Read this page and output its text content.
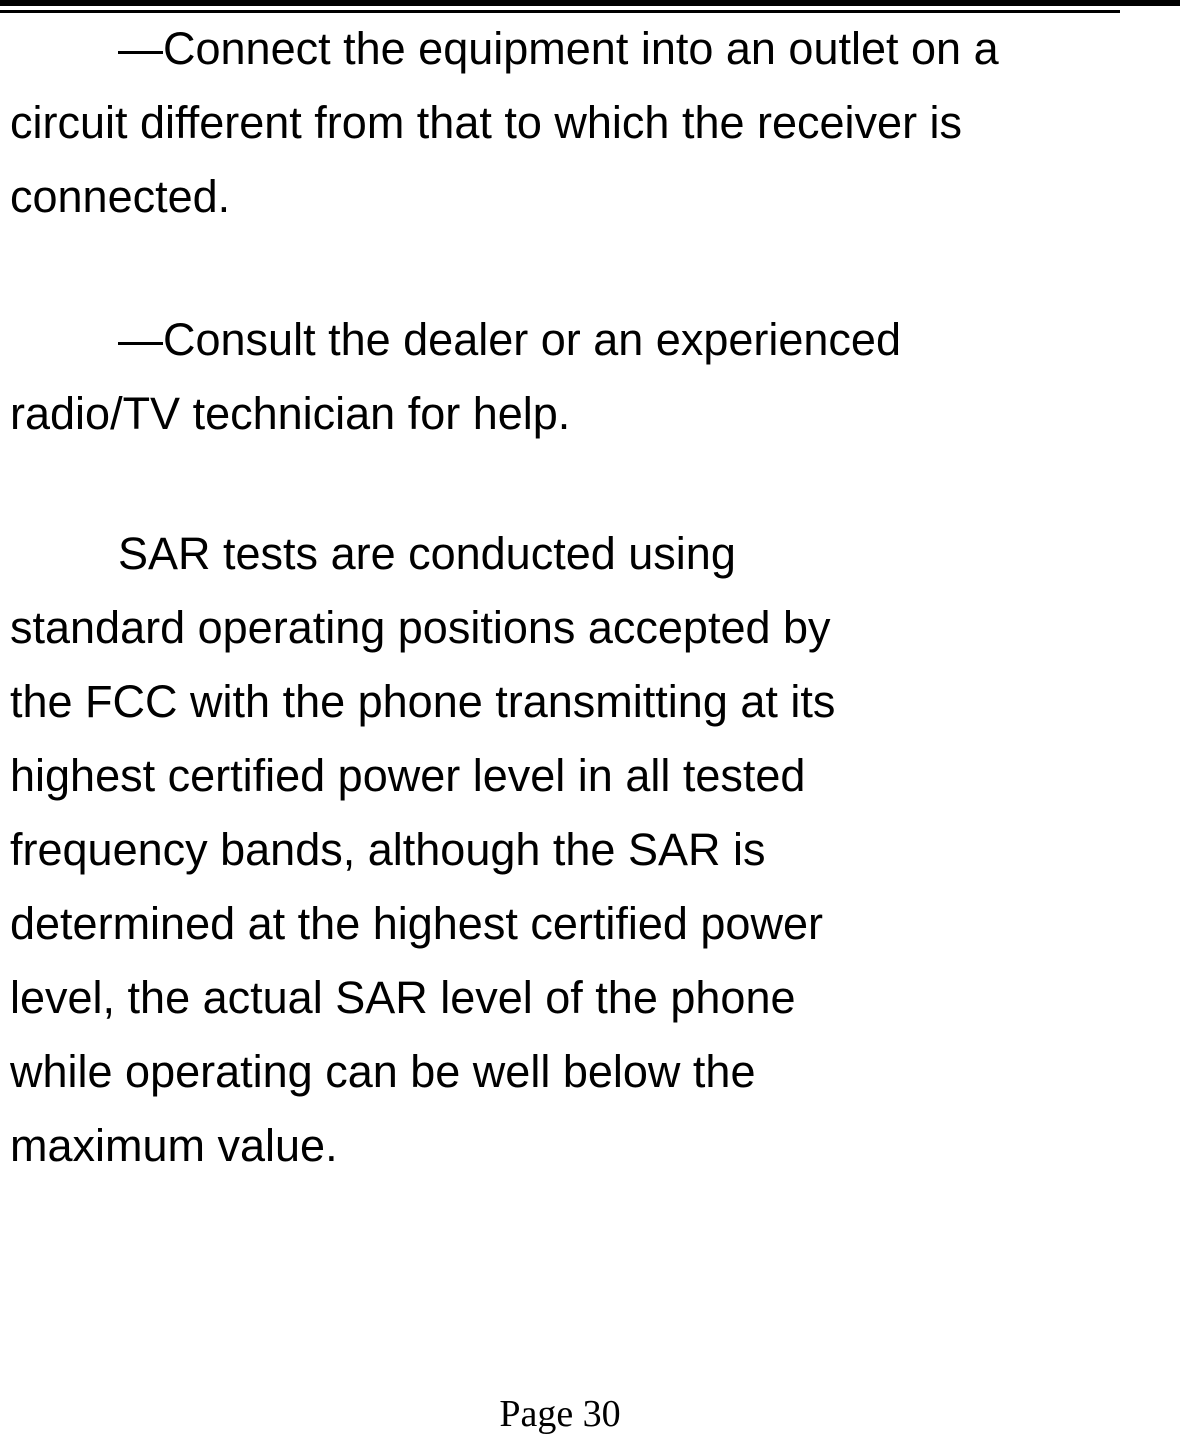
—Connect the equipment into an outlet on a
circuit different from that to which the receiver is
connected.

—Consult the dealer or an experienced
radio/TV technician for help.

SAR tests are conducted using
standard operating positions accepted by
the FCC with the phone transmitting at its
highest certified power level in all tested
frequency bands, although the SAR is
determined at the highest certified power
level, the actual SAR level of the phone
while operating can be well below the
maximum value.

Page 30
